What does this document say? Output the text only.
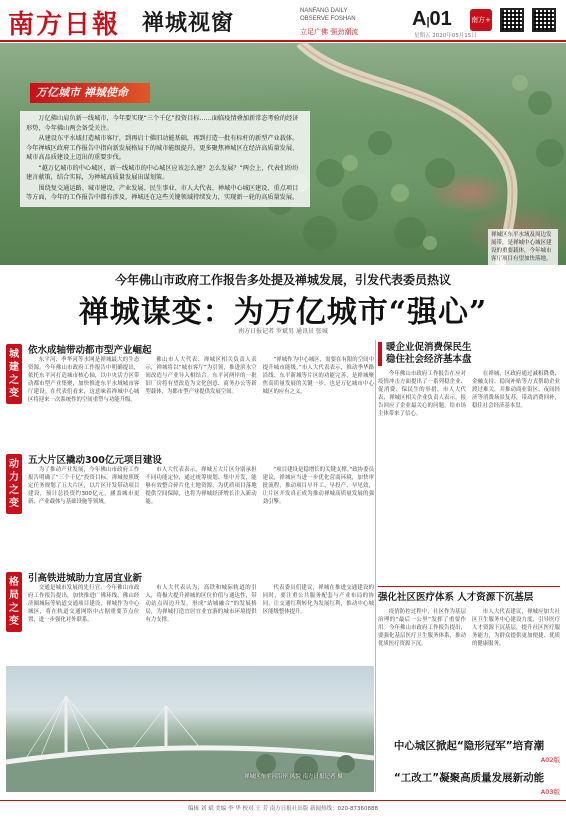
南方日報 禅城视窗	NANFANG DAILY
OBSERVE FOSHAN
立足广佛 强劲潮流
A|01
星期五 2020年05月15日
南方+
万亿城市 禅城使命

万亿佛山肩负新一线城市，今年要实现“三个千亿”投资目标……面临疫情叠加新常态考验的经济形势，今年佛山两会备受关注。

从建设东平水域打造城市客厅，到再启十佛旧动能基础，再到打造一批有标杆的新型产业载体。今年禅城区政府工作报告中指向新发展格局下的城市能级提升，更多聚焦禅城区在经济高质量发展、城市高品质建设上迈出的重要步伐。

“越万亿城市的中心城区，新一线城市的中心城区应该怎么建？怎么发展？”两会上，代表们纷纷建言献策，结合实际，为禅城高质量发展出谋划策。

围绕复交通运路、城市建设、产业发展、民生事业、市人大代表、禅城中心城区建设、重点项目等方面，今年的工作报告中都有涉及，禅城还在这些关键领域持续发力，实现新一轮的高质量发展。

禅城区东平水域及周边发展带，是禅城中心城区建设的重要载体，今年城市客厅项目有望加快落地。
今年佛山市政府工作报告多处提及禅城发展，引发代表委员热议
禅城谋变：为万亿城市“强心”
南方日报记者 罗斌男 通讯员 张城
城建之变
依水成轴带动都市型产业崛起

东平河、季华河等水网是禅城最大的生态资源。今年佛山市政府工作报告中明确提出，依托东平河打造城市核心轴，以中央活力区带动都市型产业集聚，加快推进东平水域城市客厅建设。在代表们看来，这意味着禅城中心城区将迎来一次系统性的空间重塑与功能升级。

佛山市人大代表、禅城区相关负责人表示，禅城将以“城市客厅”为引领，推进滨水空间改造与产业导入相结合。东平河两岸的一批旧厂房将有望改造为文化创意、商务办公等新型载体，为都市型产业提供发展空间。

“禅城作为中心城区，需要在有限的空间中提升城市能级。”市人大代表表示，推动季华路沿线、东平新城等片区的功能完善，是禅城聚焦高质量发展的关键一步，也是万亿城市中心城区的应有之义。

动力之变
五大片区撬动300亿元项目建设

为了推动产业发展，今年佛山市政府工作报告明确了“三个千亿”投资目标。禅城按照既定任务规划了五大片区，以片区开发带动项目建设，预计总投资约300亿元，涵盖城市更新、产业载体与基础设施等领域。

市人大代表表示，禅城五大片区分别承担不同功能定位，通过统筹规划、集中开发，能够有效整合碎片化土地资源，为优质项目落地提供空间保障，也将为禅城经济增长注入新动能。

“项目建设是稳增长的关键支撑。”政协委员建议，禅城应当进一步优化营商环境，加快审批流程，推动项目早开工、早投产、早见效，让片区开发真正成为推动禅城高质量发展的强劲引擎。

格局之变
引高铁进城助力宜居宜业新

交通是城市发展的先行官。今年佛山市政府工作报告提出，加快推进广佛环线、佛山经济圈城际等轨道交通项目建设，禅城作为中心城区，将在轨道交通网络中占据重要节点位置，进一步强化对外联系。

市人大代表认为，高铁和城际轨道的引入，将极大提升禅城的区位价值与通达性，带动站点周边开发，形成“站城融合”的发展格局，为禅城打造宜居宜业宜游的城市环境提供有力支撑。

代表委员们建议，禅城在推进交通建设的同时，要注重公共服务配套与产业布局的协同，让交通红利转化为发展红利，推动中心城区能级整体提升。

禅城区东平河沿岸 风貌 南方日报记者 摄
暖企业促消费保民生
稳住社会经济基本盘

今年佛山市政府工作报告在应对疫情冲击方面提出了一系列稳企业、促消费、保民生的举措。市人大代表、禅城区相关企业负责人表示，报告回应了企业最关心的问题，给市场主体带来了信心。

在禅城，区政府通过减租降费、金融支持、稳岗补贴等方式帮助企业渡过难关，并推动商业街区、夜间经济等消费场景复苏，带动消费回补，稳住社会经济基本盘。

强化社区医疗体系 人才资源下沉基层

疫情防控过程中，社区作为基层治理的“最后一公里”发挥了重要作用。今年佛山市政府工作报告提出，要强化基层医疗卫生服务体系，推动优质医疗资源下沉。

市人大代表建议，禅城应加大社区卫生服务中心建设力度，引导医疗人才资源下沉基层，提升社区医疗服务能力，为群众提供更加便捷、优质的健康服务。

中心城区掀起“隐形冠军”培育潮
A02版
“工改工”凝聚高质量发展新动能
A03版
编辑 刘 斌 美编 李 华 校对 王 芳 南方日报社出版 新闻热线：020-87360888
